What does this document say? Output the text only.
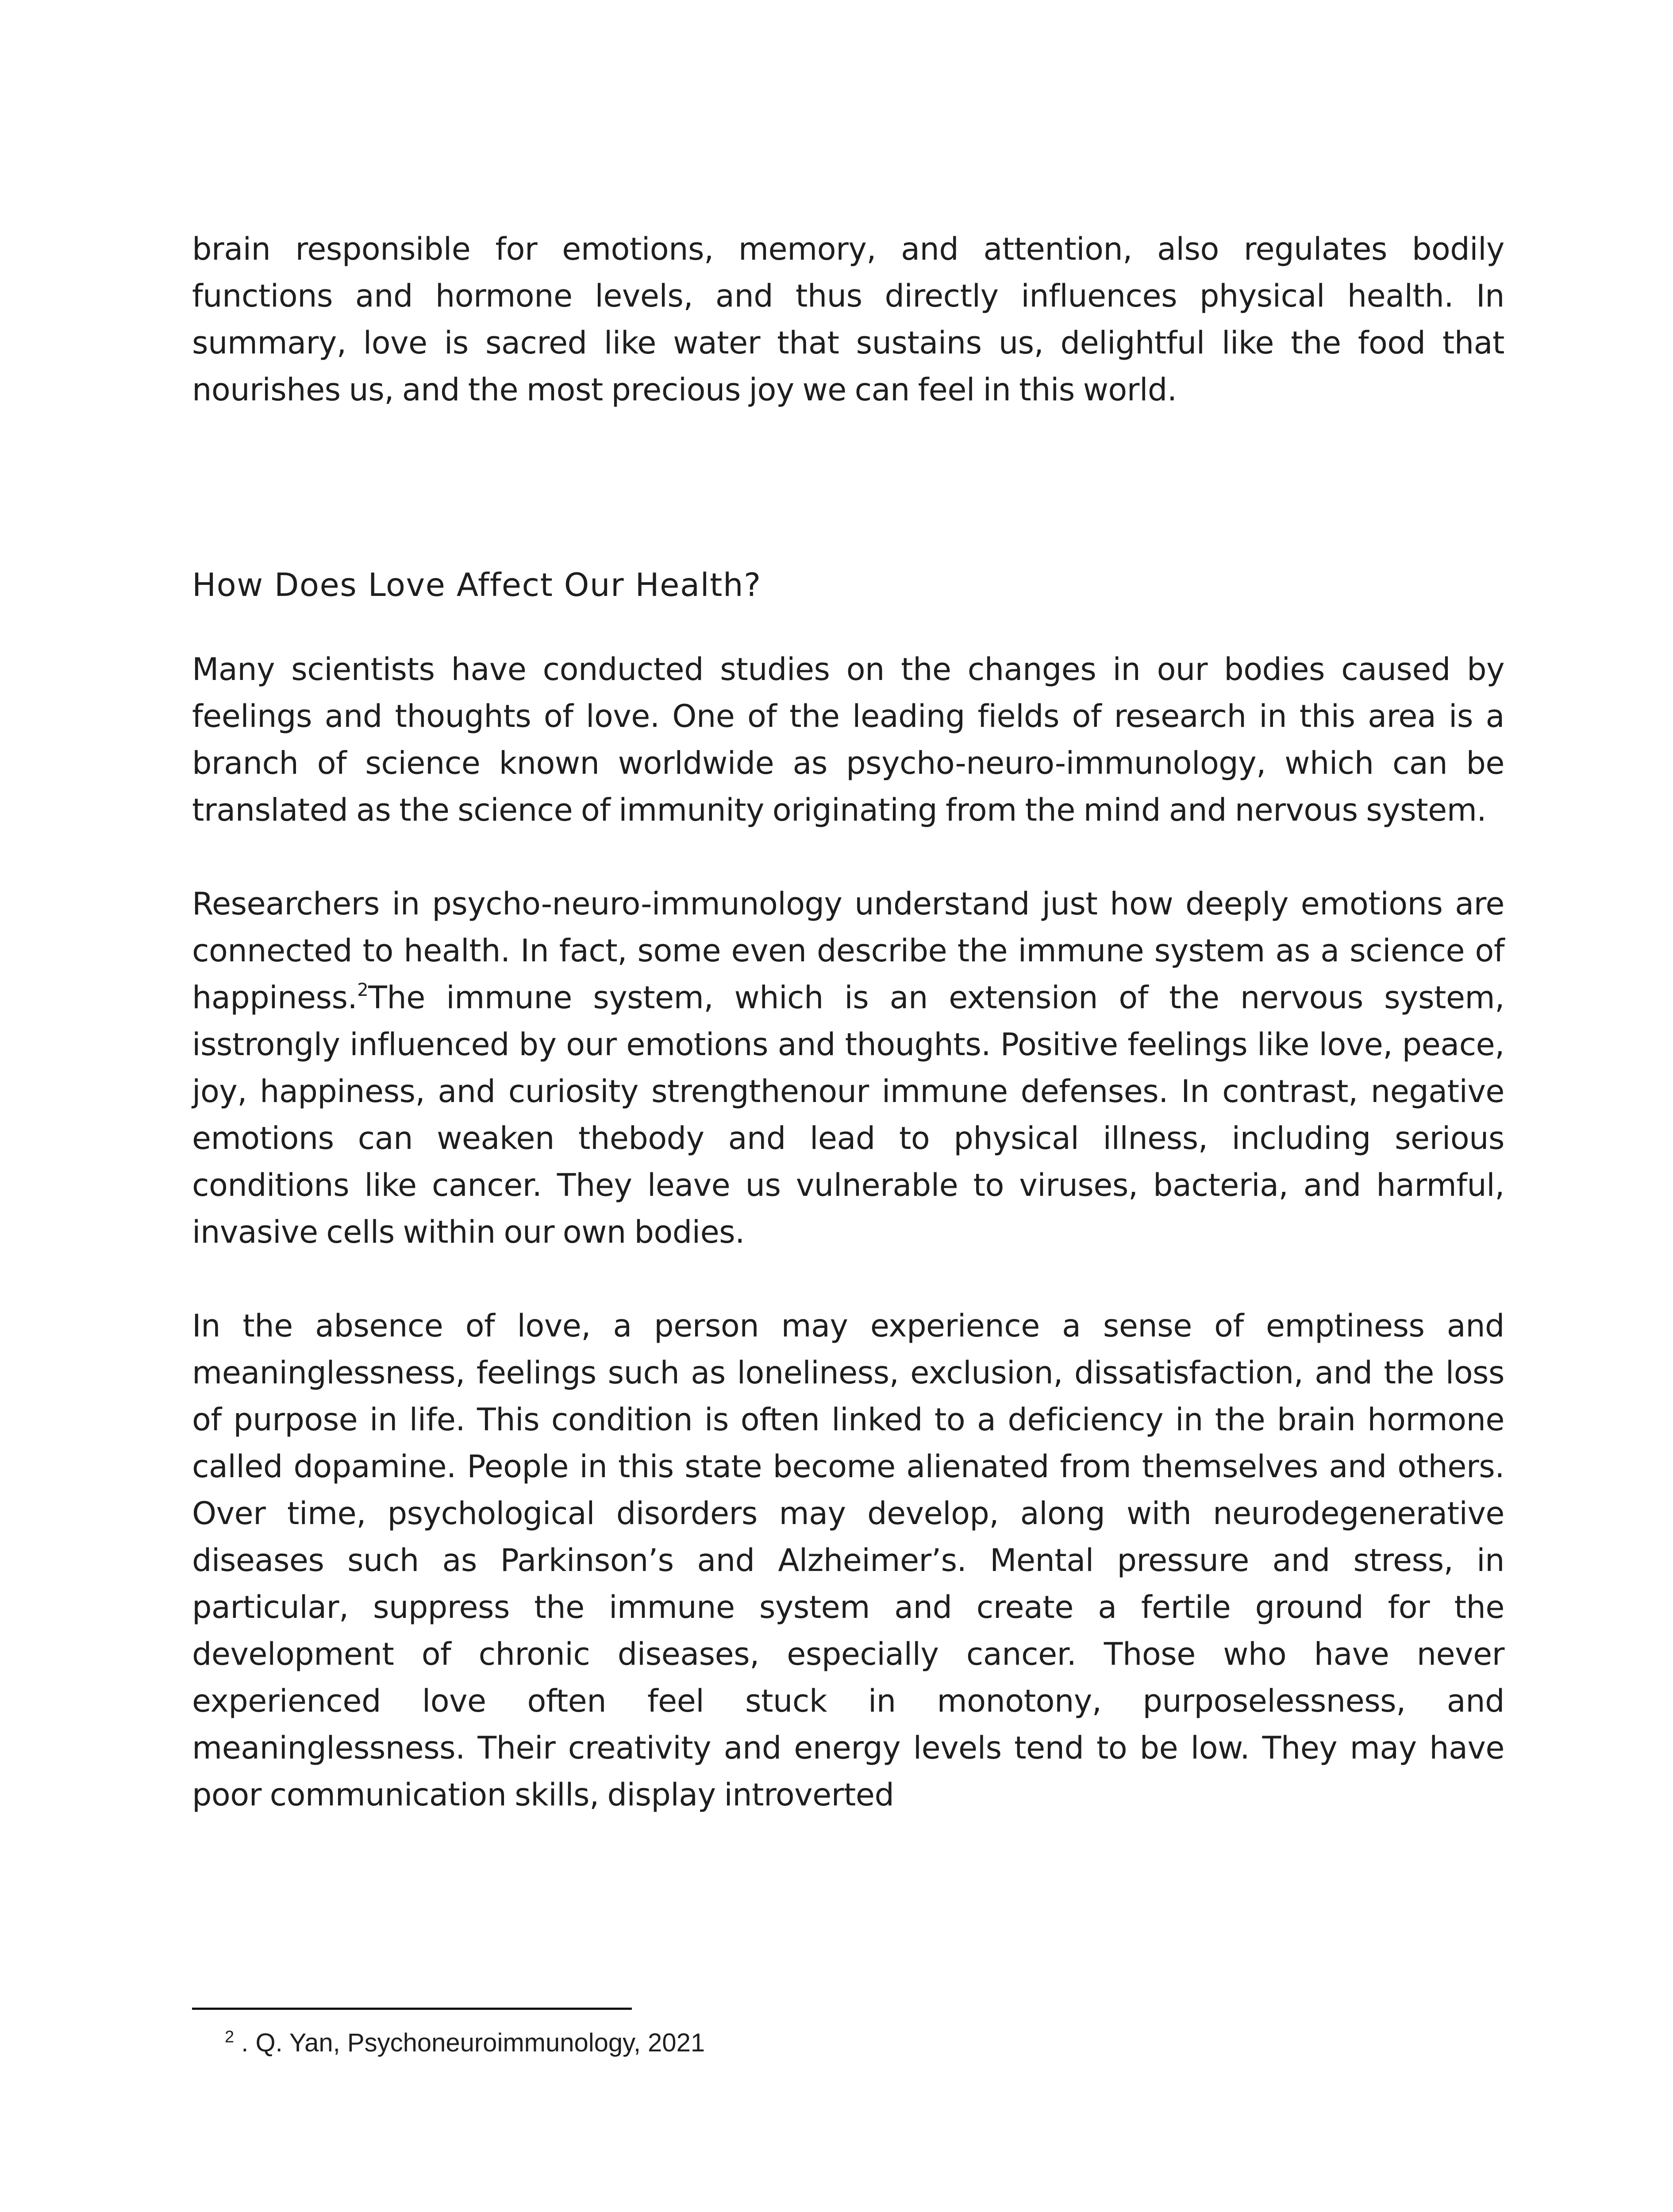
brain responsible for emotions, memory, and attention, also regulates bodily functions and hormone levels, and thus directly influences physical health. In summary, love is sacred like water that sustains us, delightful like the food that nourishes us, and the most precious joy we can feel in this world.

How Does Love Affect Our Health?

Many scientists have conducted studies on the changes in our bodies caused by feelings and thoughts of love. One of the leading fields of research in this area is a branch of science known worldwide as psycho-neuro-immunology, which can be translated as the science of immunity originating from the mind and nervous system.

Researchers in psycho-neuro-immunology understand just how deeply emotions are connected to health. In fact, some even describe the immune system as a science of happiness.$^2$The immune system, which is an extension of the nervous system, isstrongly influenced by our emotions and thoughts. Positive feelings like love, peace, joy, happiness, and curiosity strengthenour immune defenses. In contrast, negative emotions can weaken thebody and lead to physical illness, including serious conditions like cancer. They leave us vulnerable to viruses, bacteria, and harmful, invasive cells within our own bodies.

In the absence of love, a person may experience a sense of emptiness and meaninglessness, feelings such as loneliness, exclusion, dissatisfaction, and the loss of purpose in life. This condition is often linked to a deficiency in the brain hormone called dopamine. People in this state become alienated from themselves and others. Over time, psychological disorders may develop, along with neurodegenerative diseases such as Parkinson’s and Alzheimer’s. Mental pressure and stress, in particular, suppress the immune system and create a fertile ground for the development of chronic diseases, especially cancer. Those who have never experienced love often feel stuck in monotony, purposelessness, and meaninglessness. Their creativity and energy levels tend to be low. They may have poor communication skills, display introverted

$^2$ . Q. Yan, Psychoneuroimmunology, 2021
